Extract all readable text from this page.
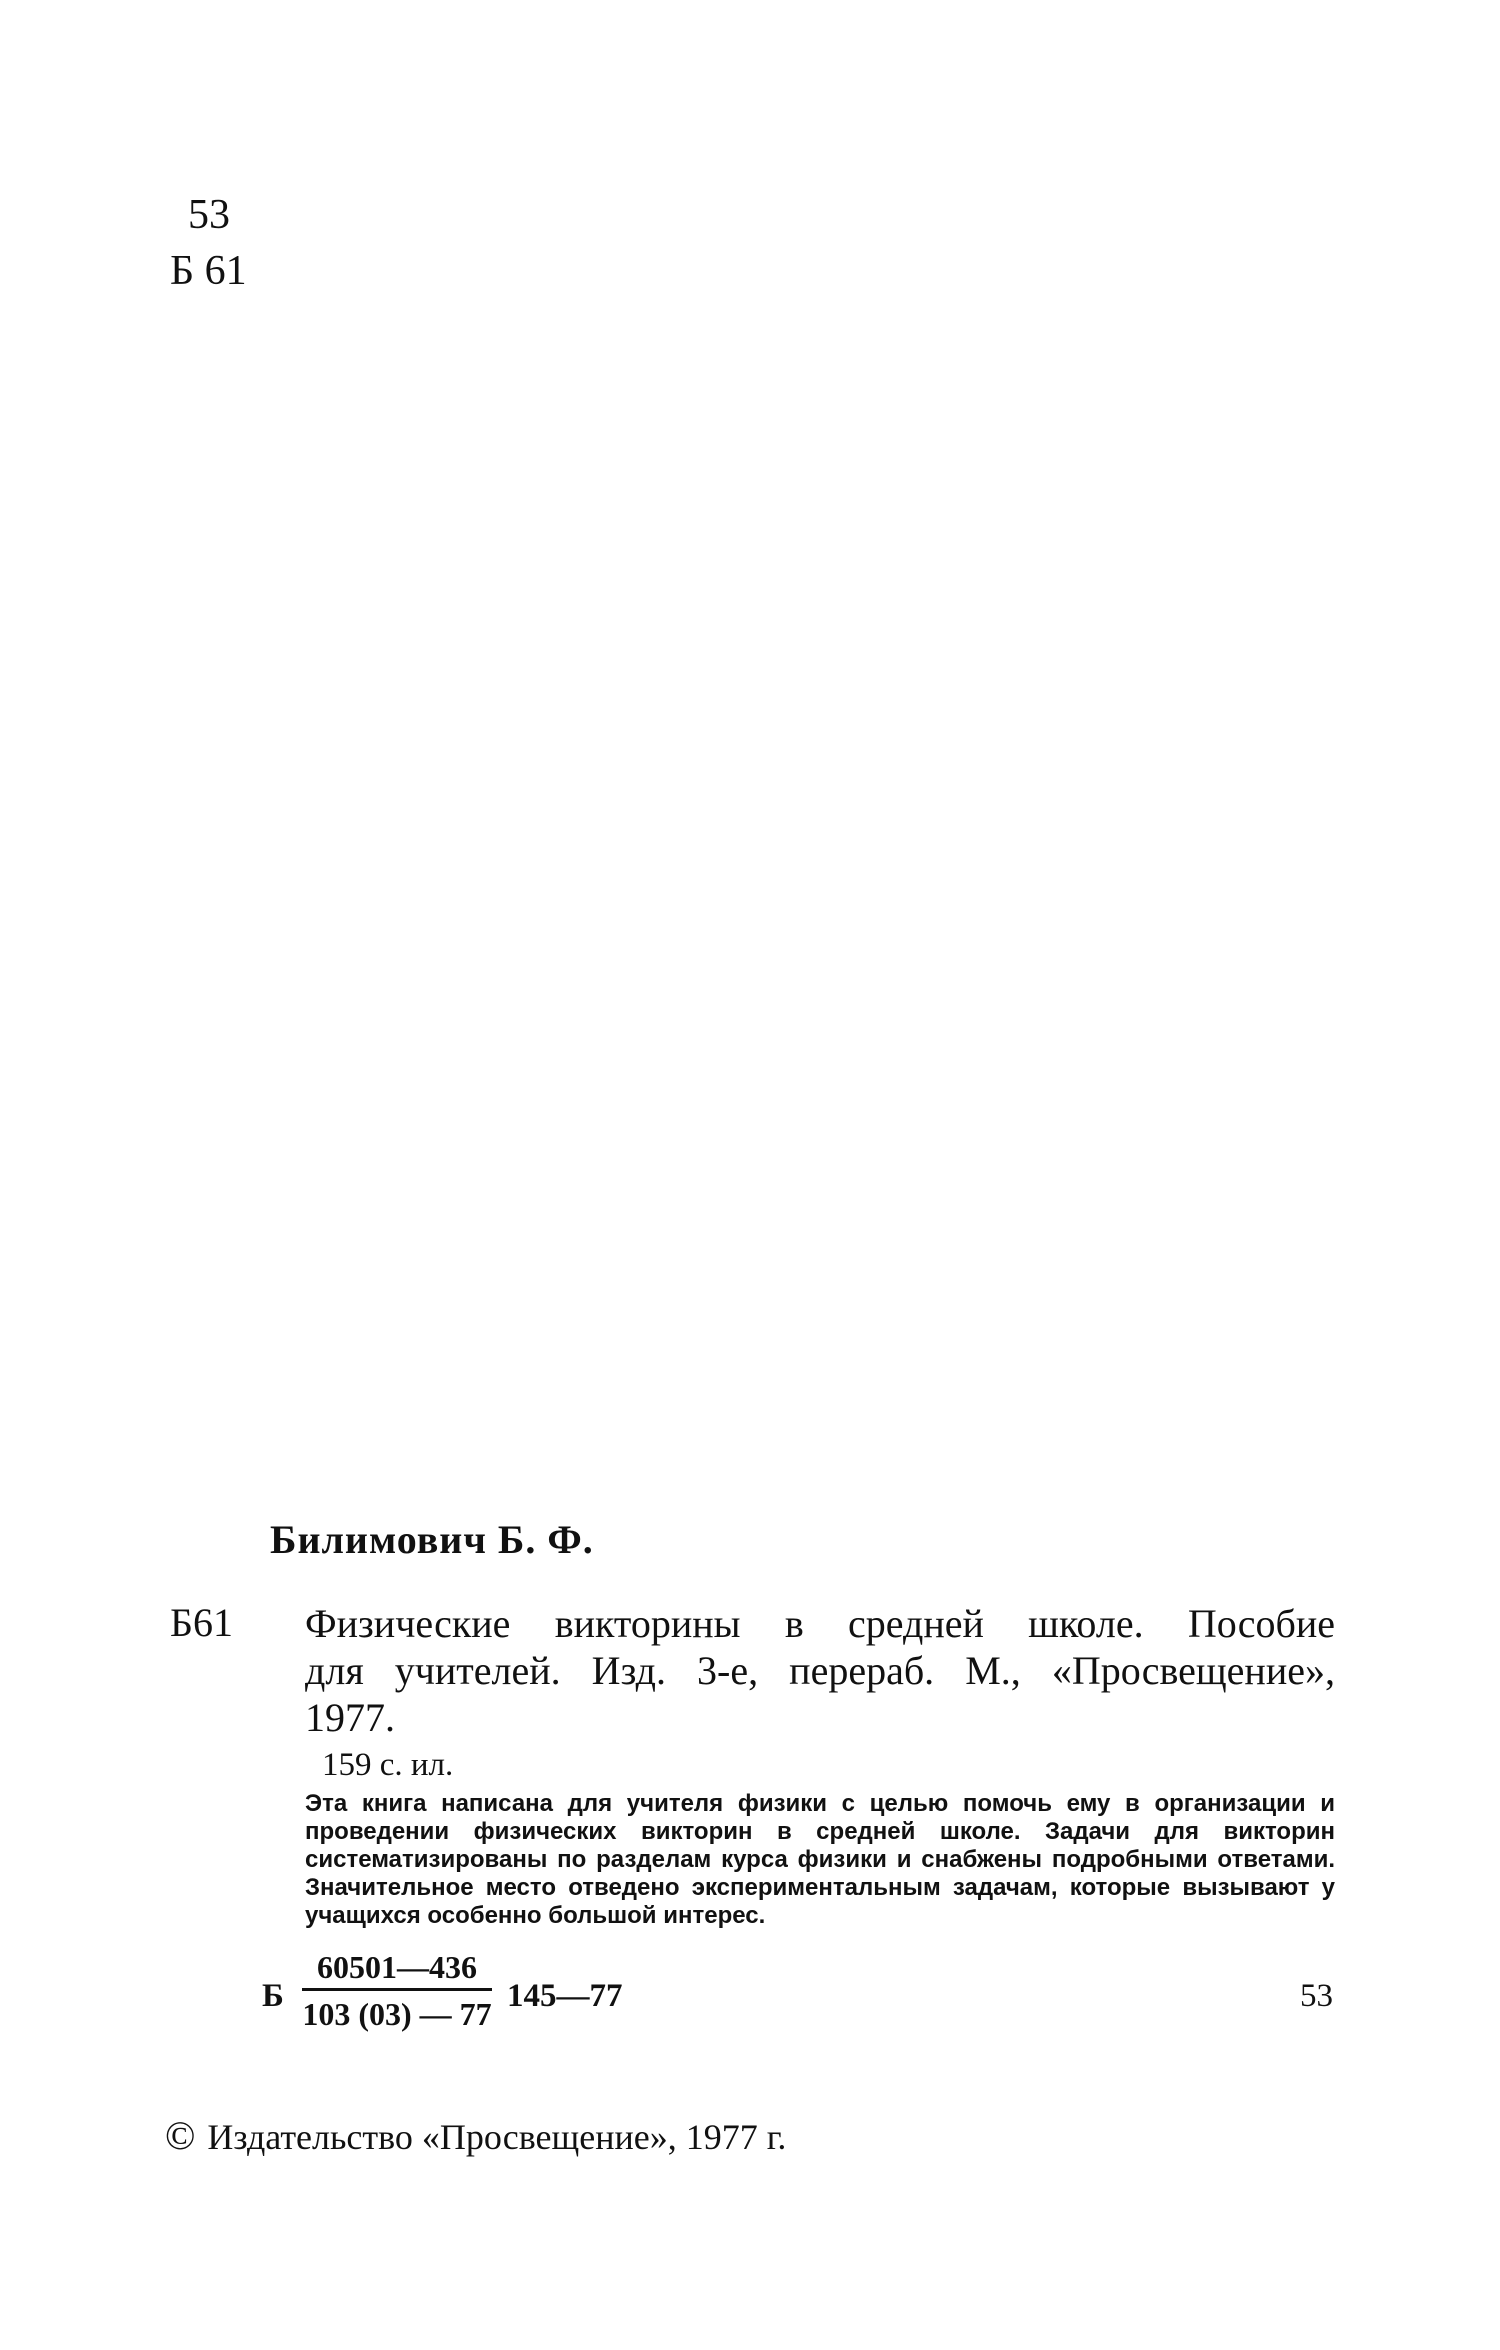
53
Б 61
Билимович Б. Ф.
Б61 Физические викторины в средней школе. Пособие
для учителей. Изд. 3-е, перераб. М., «Просвещение»,
1977.
159 с. ил.
Эта книга написана для учителя физики с целью помочь ему в организации и проведении физических викторин в средней школе. Задачи для викторин систематизированы по разделам курса физики и снабжены подробными ответами. Значительное место отведено экспериментальным задачам, которые вызывают у учащихся особенно большой интерес.
Б
60501—436
103 (03) — 77 145—77	53
© Издательство «Просвещение», 1977 г.
